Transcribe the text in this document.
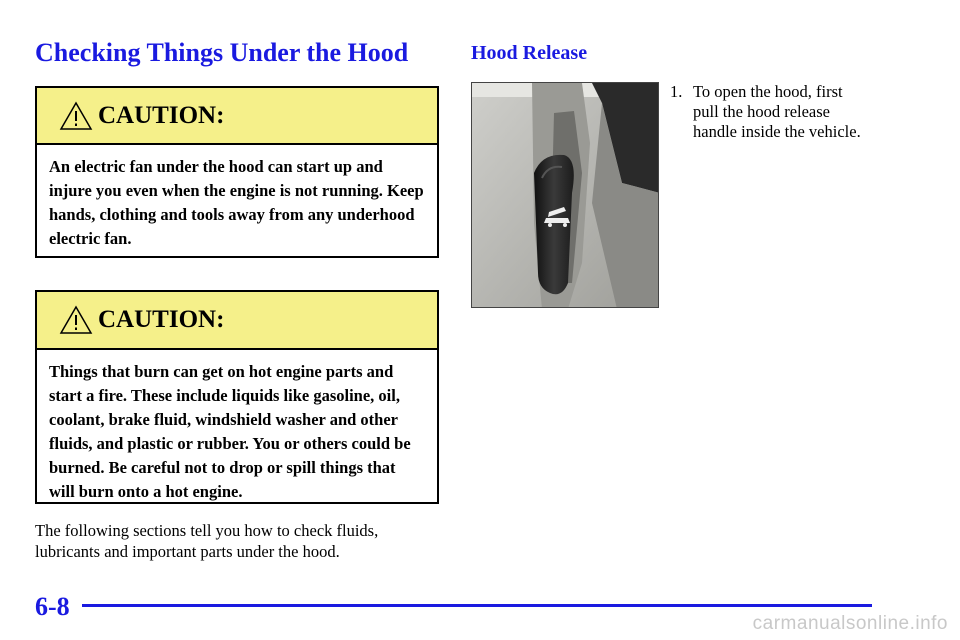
Checking Things Under the Hood
CAUTION:
An electric fan under the hood can start up and injure you even when the engine is not running. Keep hands, clothing and tools away from any underhood electric fan.
CAUTION:
Things that burn can get on hot engine parts and start a fire. These include liquids like gasoline, oil, coolant, brake fluid, windshield washer and other fluids, and plastic or rubber. You or others could be burned. Be careful not to drop or spill things that will burn onto a hot engine.

The following sections tell you how to check fluids, lubricants and important parts under the hood.

Hood Release
1. To open the hood, first pull the hood release handle inside the vehicle.
6-8
carmanualsonline.info
